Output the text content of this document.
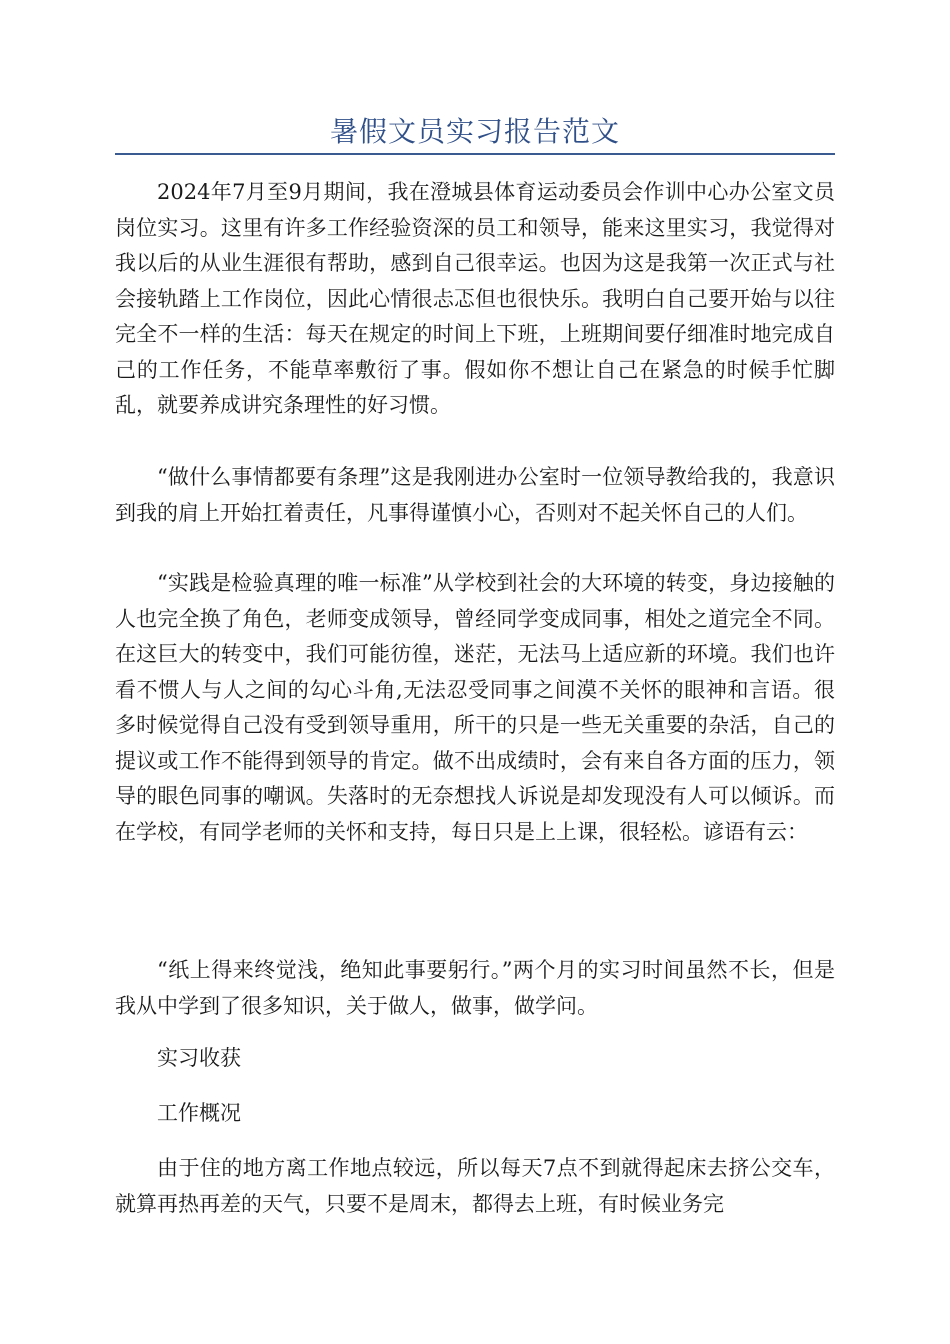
暑假文员实习报告范文

2024年7月至9月期间，我在澄城县体育运动委员会作训中心办公室文员岗位实习。这里有许多工作经验资深的员工和领导，能来这里实习，我觉得对我以后的从业生涯很有帮助，感到自己很幸运。也因为这是我第一次正式与社会接轨踏上工作岗位，因此心情很忐忑但也很快乐。我明白自己要开始与以往完全不一样的生活：每天在规定的时间上下班，上班期间要仔细准时地完成自己的工作任务，不能草率敷衍了事。假如你不想让自己在紧急的时候手忙脚乱，就要养成讲究条理性的好习惯。

“做什么事情都要有条理”这是我刚进办公室时一位领导教给我的，我意识到我的肩上开始扛着责任，凡事得谨慎小心，否则对不起关怀自己的人们。

“实践是检验真理的唯一标准”从学校到社会的大环境的转变，身边接触的人也完全换了角色，老师变成领导，曾经同学变成同事，相处之道完全不同。在这巨大的转变中，我们可能彷徨，迷茫，无法马上适应新的环境。我们也许看不惯人与人之间的勾心斗角,无法忍受同事之间漠不关怀的眼神和言语。很多时候觉得自己没有受到领导重用，所干的只是一些无关重要的杂活，自己的提议或工作不能得到领导的肯定。做不出成绩时，会有来自各方面的压力，领导的眼色同事的嘲讽。失落时的无奈想找人诉说是却发现没有人可以倾诉。而在学校，有同学老师的关怀和支持，每日只是上上课，很轻松。谚语有云：

“纸上得来终觉浅，绝知此事要躬行。”两个月的实习时间虽然不长，但是我从中学到了很多知识，关于做人，做事，做学问。

实习收获

工作概况

由于住的地方离工作地点较远，所以每天7点不到就得起床去挤公交车，就算再热再差的天气，只要不是周末，都得去上班，有时候业务完
